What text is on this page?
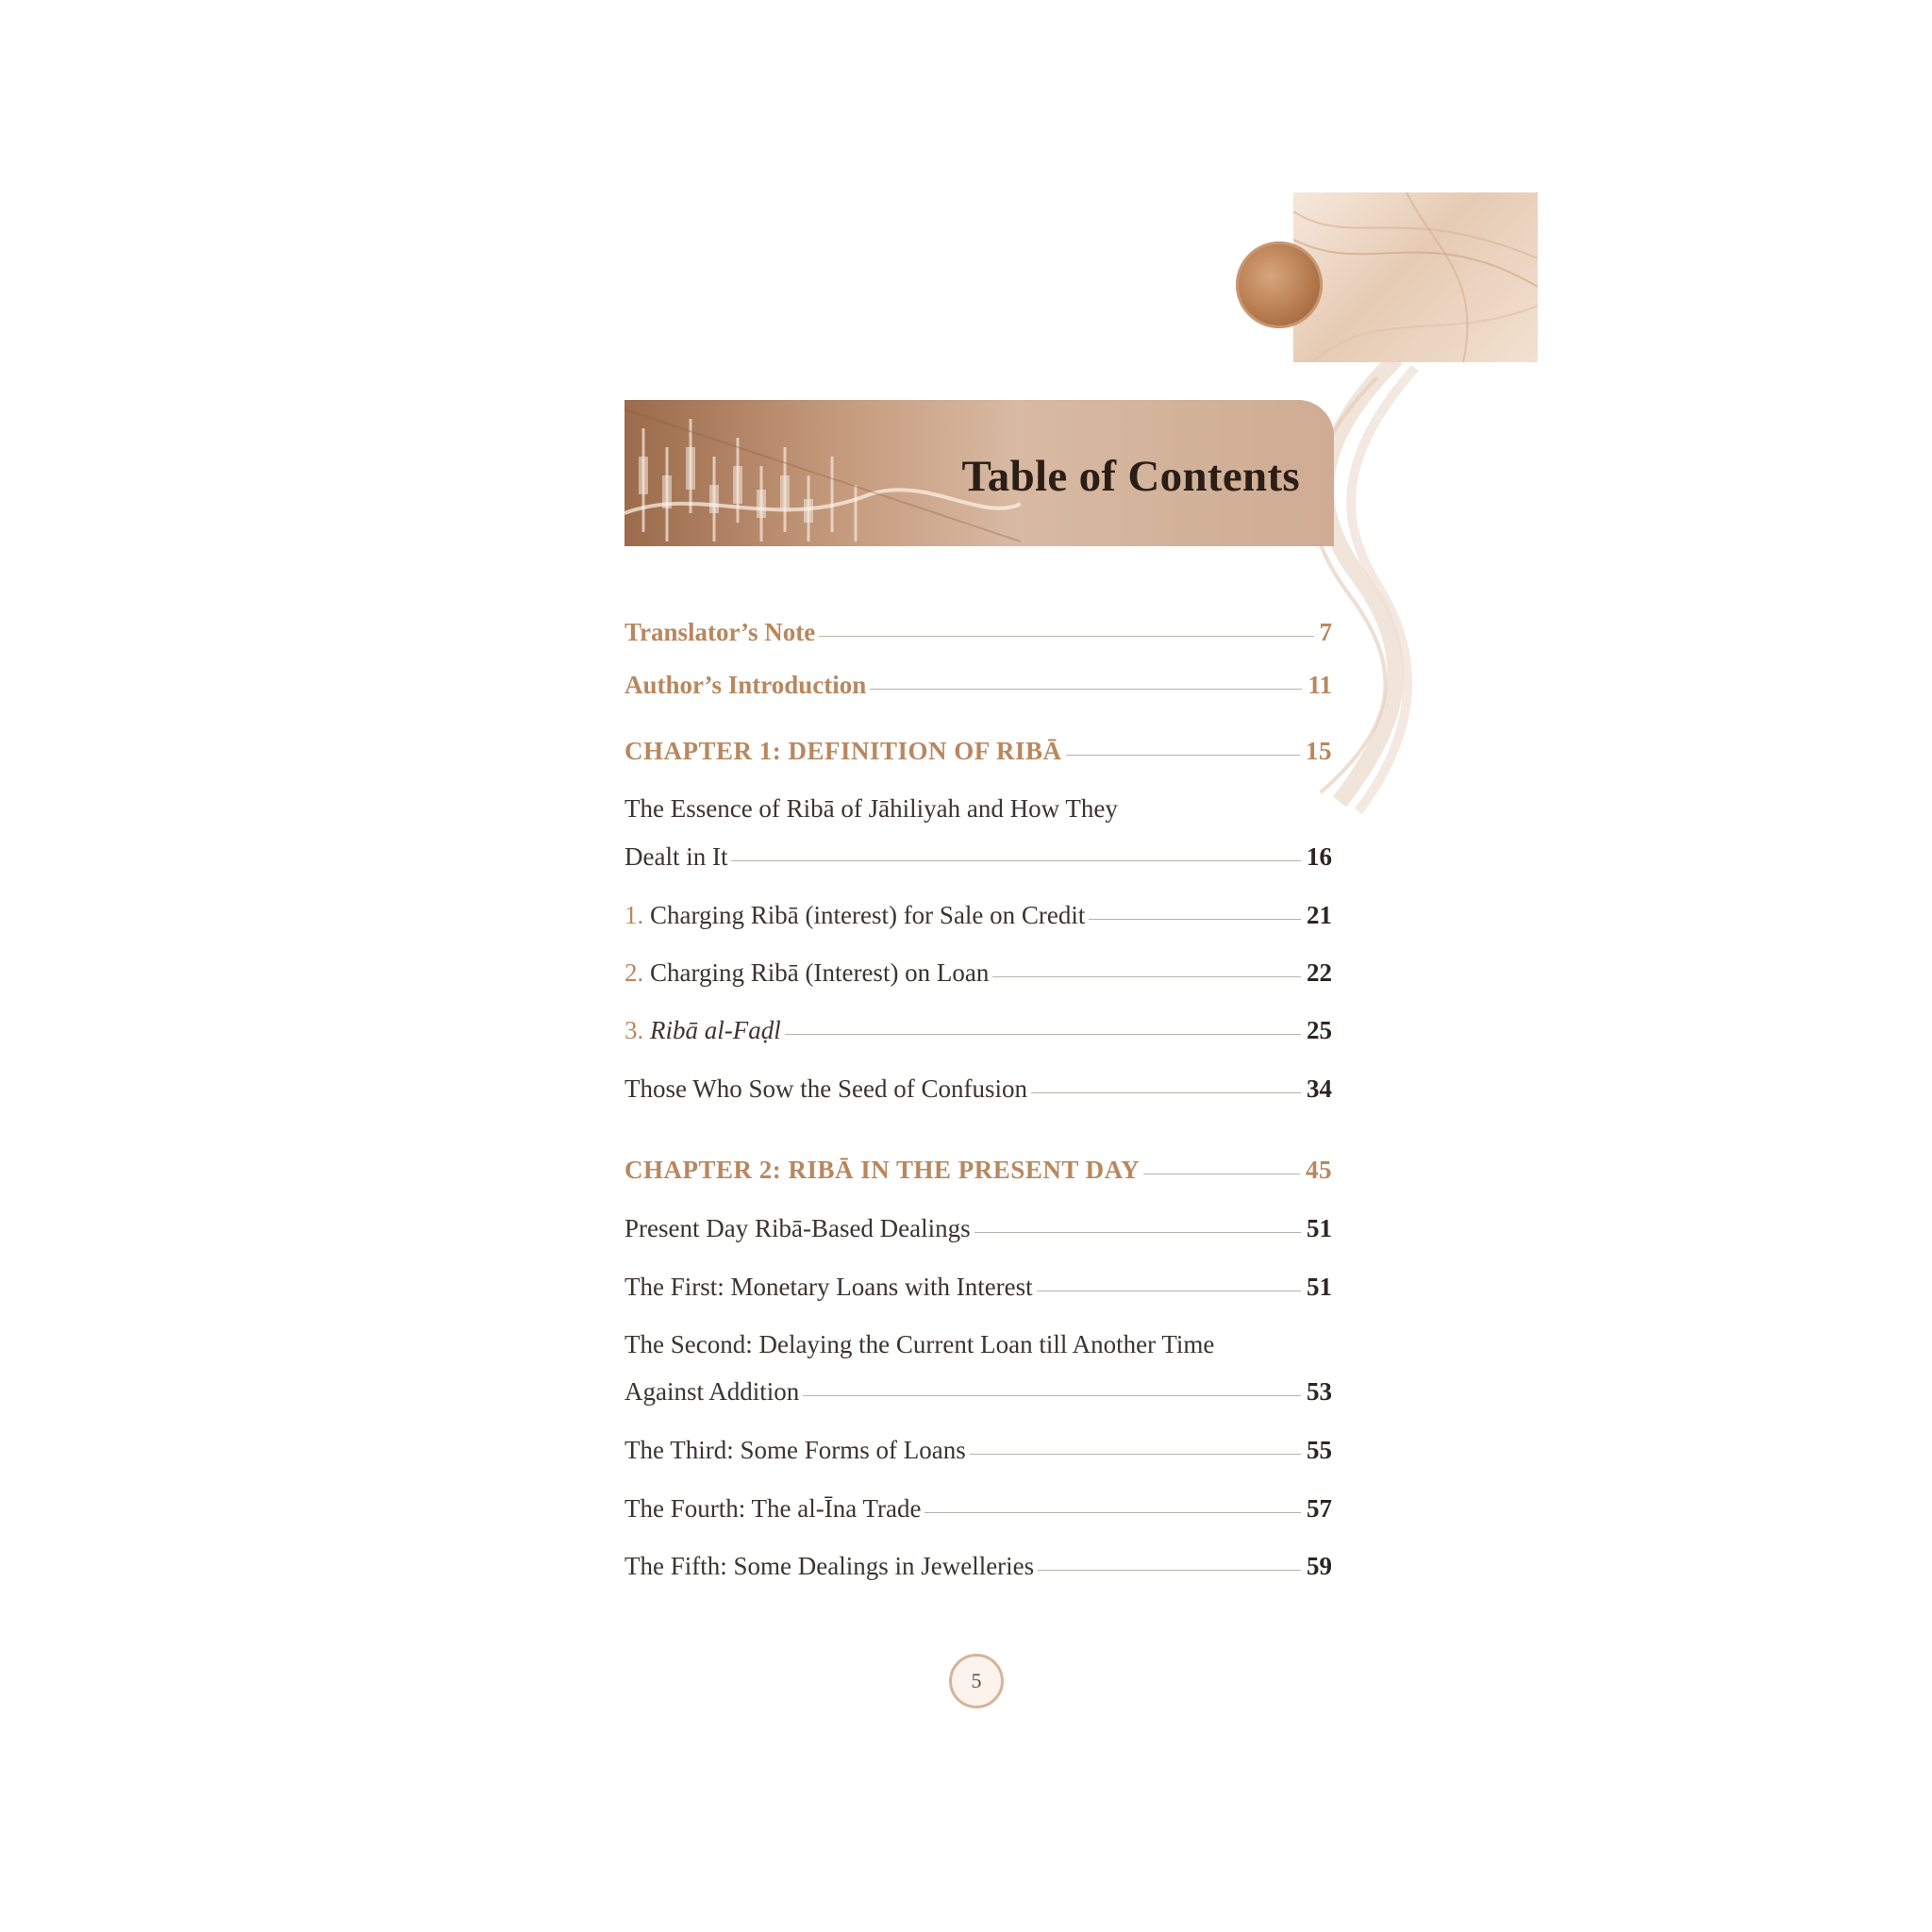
Table of Contents
Translator’s Note	7
Author’s Introduction	11
CHAPTER 1: DEFINITION OF RIBĀ	15
The Essence of Ribā of Jāhiliyah and How They
Dealt in It	16
1. Charging Ribā (interest) for Sale on Credit	21
2. Charging Ribā (Interest) on Loan	22
3. Ribā al-Faḍl	25
Those Who Sow the Seed of Confusion	34
CHAPTER 2: RIBĀ IN THE PRESENT DAY	45
Present Day Ribā-Based Dealings	51
The First: Monetary Loans with Interest	51
The Second: Delaying the Current Loan till Another Time
Against Addition	53
The Third: Some Forms of Loans	55
The Fourth: The al-Īna Trade	57
The Fifth: Some Dealings in Jewelleries	59
5
